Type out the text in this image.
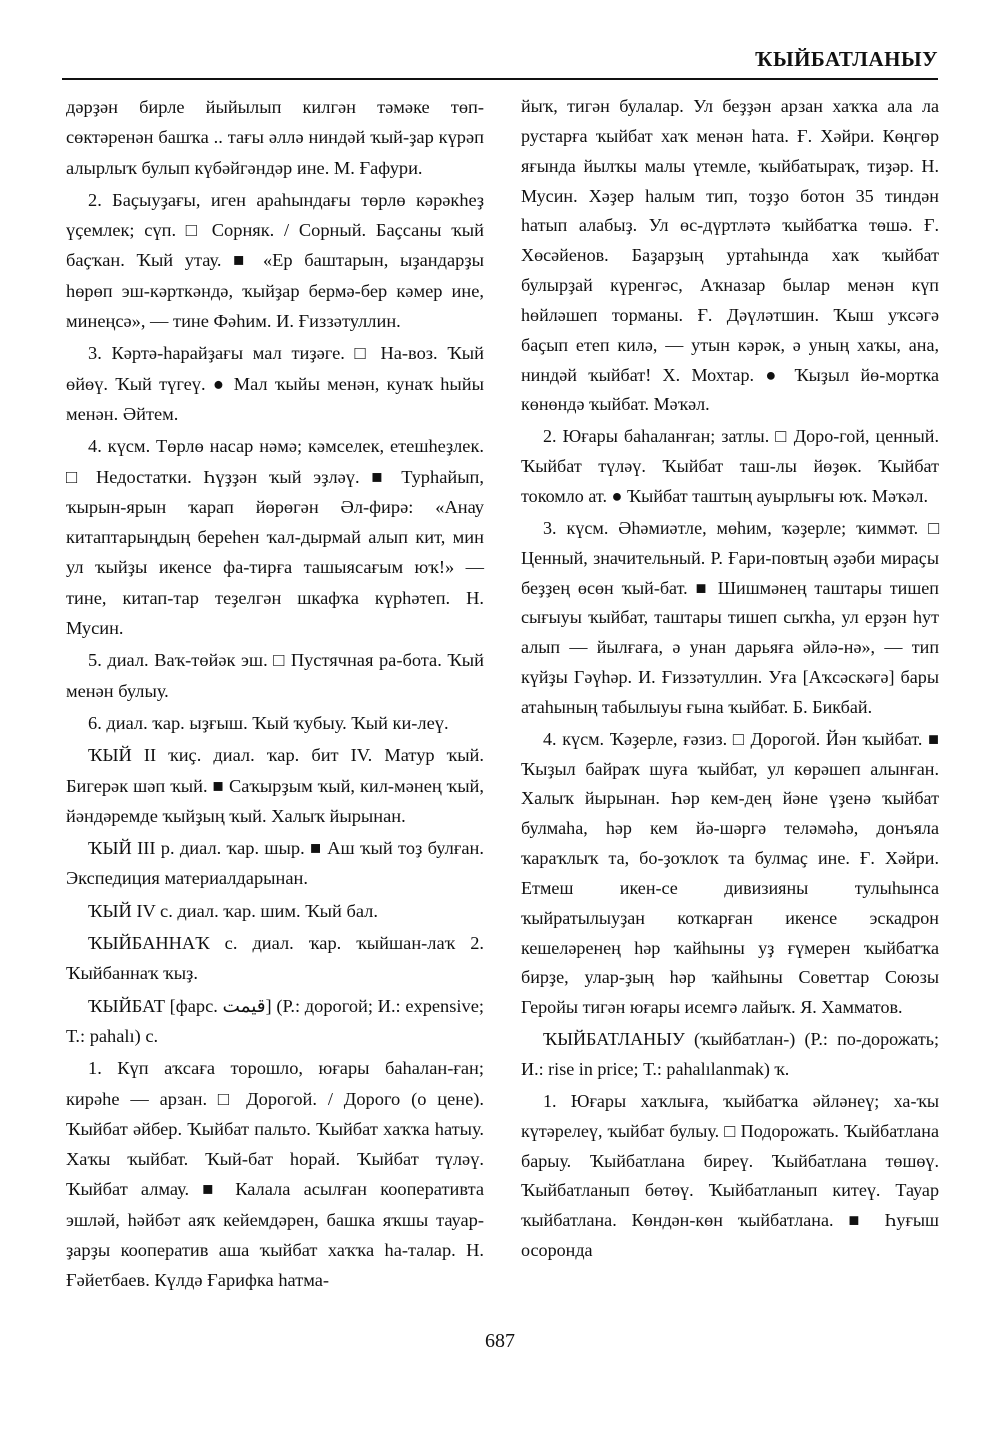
ҠЫЙБАТЛАНЫУ

дәрҙән бирле йыйылып килгән тәмәке төп-сөктәренән башҡа .. тағы әллә ниндәй ҡый-ҙар күрәп алырлыҡ булып күбәйгәндәр ине. М. Ғафури.

2. Баҫыуҙағы, иген араһындағы төрлө кәрәкһеҙ үҫемлек; сүп. □ Сорняк. / Сорный. Баҫсаны ҡый баҫҡан. Ҡый утау. ■ «Ер баштарын, ыҙандарҙы һөрөп эш-кәрткәндә, ҡыйҙар бермә-бер кәмер ине, минеңсә», — тине Фәһим. И. Ғиззәтуллин.

3. Кәртә-һарайҙағы мал тиҙәге. □ На-воз. Ҡый өйөү. Ҡый түгеү. ● Мал ҡыйы менән, кунаҡ һыйы менән. Әйтем.

4. күсм. Төрлө насар нәмә; кәмселек, етешһеҙлек. □ Недостатки. Һүҙҙән ҡый эҙләү. ■ Турһайып, ҡырын-ярын ҡарап йөрөгән Әл-фирә: «Анау китаптарыңдың береһен ҡал-дырмай алып кит, мин ул ҡыйҙы икенсе фа-тирға ташыясағым юҡ!» — тине, китап-тар теҙелгән шкафҡа күрһәтеп. Н. Мусин.

5. диал. Ваҡ-төйәк эш. □ Пустячная ра-бота. Ҡый менән булыу.

6. диал. ҡар. ыҙғыш. Ҡый ҡубыу. Ҡый ки-леү.

ҠЫЙ II ҡиҫ. диал. ҡар. бит IV. Матур ҡый. Бигерәк шәп ҡый. ■ Саҡырҙым ҡый, кил-мәнең ҡый, йәндәремде ҡыйҙың ҡый. Халыҡ йырынан.

ҠЫЙ III р. диал. ҡар. шыр. ■ Аш ҡый тоҙ булған. Экспедиция материалдарынан.

ҠЫЙ IV с. диал. ҡар. шим. Ҡый бал.

ҠЫЙБАННАҠ с. диал. ҡар. ҡыйшан-лаҡ 2. Ҡыйбаннаҡ ҡыҙ.

ҠЫЙБАТ [фарс. قيمت] (Р.: дорогой; И.: expensive; Т.: pahalı) с.

1. Күп аҡсаға торошло, юғары баһалан-ған; кирәһе — арзан. □ Дорогой. / Дорого (о цене). Ҡыйбат әйбер. Ҡыйбат пальто. Ҡыйбат хаҡҡа һатыу. Хаҡы ҡыйбат. Ҡый-бат һорай. Ҡыйбат түләү. Ҡыйбат алмау. ■ Калала асылған кооперативта эшләй, һәйбәт аяҡ кейемдәрен, башка яҡшы тауар-ҙарҙы кооператив аша ҡыйбат хаҡҡа һа-талар. Н. Ғәйетбаев. Күлдә Ғарифка һатма-

йыҡ, тигән булалар. Ул беҙҙән арзан хаҡҡа ала ла рустарға ҡыйбат хаҡ менән һата. Ғ. Хәйри. Көңгөр яғында йылҡы малы үтемле, ҡыйбатыраҡ, тиҙәр. Н. Мусин. Хәҙер һалым тип, тоҙҙо ботон 35 тиндән һатып алабыҙ. Ул өс-дүртләтә ҡыйбатҡа төшә. Ғ. Хөсәйенов. Баҙарҙың уртаһында хаҡ ҡыйбат булырҙай күренгәс, Аҡназар былар менән күп һөйләшеп торманы. Ғ. Дәүләтшин. Ҡыш уҡсәгә баҫып етеп килә, — утын кәрәк, ә уның хаҡы, ана, ниндәй ҡыйбат! Х. Мохтар. ● Ҡыҙыл йө-мортка көнөндә ҡыйбат. Мәҡәл.

2. Юғары баһаланған; затлы. □ Доро-гой, ценный. Ҡыйбат түләү. Ҡыйбат таш-лы йөҙөк. Ҡыйбат токомло ат. ● Ҡыйбат таштың ауырлығы юҡ. Мәҡәл.

3. күсм. Әһәмиәтле, мөһим, ҡәҙерле; ҡиммәт. □ Ценный, значительный. Р. Ғари-повтың әҙәби мираҫы беҙҙең өсөн ҡый-бат. ■ Шишмәнең таштары тишеп сығыуы ҡыйбат, таштары тишеп сыҡһа, ул ерҙән һут алып — йылғаға, ә унан дарьяға әйлә-нә», — тип күйҙы Гәүһәр. И. Ғиззәтуллин. Уға [Аҡсәскәгә] бары атаһының табылыуы ғына ҡыйбат. Б. Бикбай.

4. күсм. Ҡәҙерле, ғәзиз. □ Дорогой. Йән ҡыйбат. ■ Ҡыҙыл байраҡ шуға ҡыйбат, ул көрәшеп алынған. Халыҡ йырынан. Һәр кем-дең йәне үҙенә ҡыйбат булмаһа, һәр кем йә-шәргә теләмәһә, донъяла ҡараҡлыҡ та, бо-ҙоҡлоҡ та булмаҫ ине. Ғ. Хәйри. Етмеш икен-се дивизияны тулыһынса ҡыйратылыуҙан коткарған икенсе эскадрон кешеләренең һәр ҡайһыны уҙ ғүмерен ҡыйбатҡа бирҙе, улар-ҙың һәр ҡайһыны Советтар Союзы Геройы тигән юғары исемгә лайыҡ. Я. Хамматов.

ҠЫЙБАТЛАНЫУ (ҡыйбатлан-) (Р.: по-дорожать; И.: rise in price; Т.: pahalılanmak) ҡ.

1. Юғары хаҡлыға, ҡыйбатҡа әйләнеү; ха-ҡы күтәрелеү, ҡыйбат булыу. □ Подорожать. Ҡыйбатлана барыу. Ҡыйбатлана биреү. Ҡыйбатлана төшөү. Ҡыйбатланып бөтөү. Ҡыйбатланып китеү. Тауар ҡыйбатлана. Көндән-көн ҡыйбатлана. ■ Һуғыш осоронда

687
